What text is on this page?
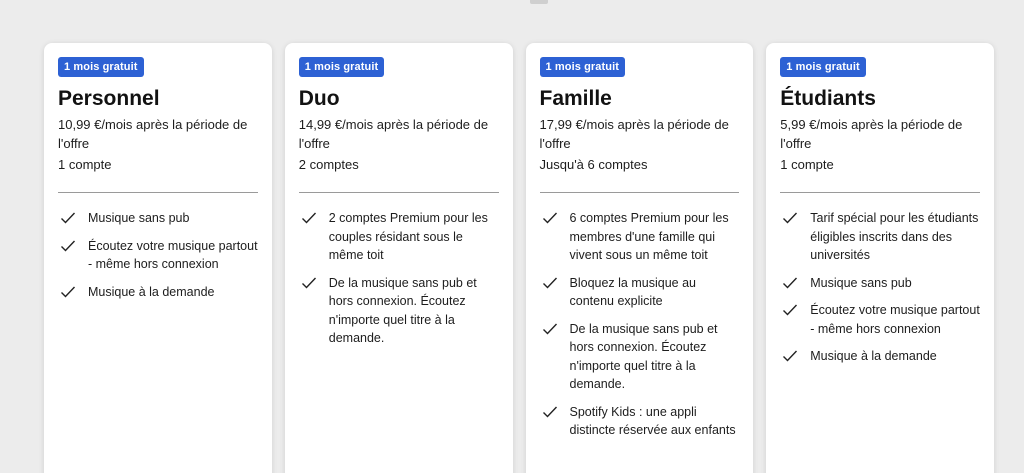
1 mois gratuit
Personnel
10,99 €/mois après la période de l'offre
1 compte
Musique sans pub
Écoutez votre musique partout - même hors connexion
Musique à la demande
1 mois gratuit
Duo
14,99 €/mois après la période de l'offre
2 comptes
2 comptes Premium pour les couples résidant sous le même toit
De la musique sans pub et hors connexion. Écoutez n'importe quel titre à la demande.
1 mois gratuit
Famille
17,99 €/mois après la période de l'offre
Jusqu'à 6 comptes
6 comptes Premium pour les membres d'une famille qui vivent sous un même toit
Bloquez la musique au contenu explicite
De la musique sans pub et hors connexion. Écoutez n'importe quel titre à la demande.
Spotify Kids : une appli distincte réservée aux enfants
1 mois gratuit
Étudiants
5,99 €/mois après la période de l'offre
1 compte
Tarif spécial pour les étudiants éligibles inscrits dans des universités
Musique sans pub
Écoutez votre musique partout - même hors connexion
Musique à la demande
